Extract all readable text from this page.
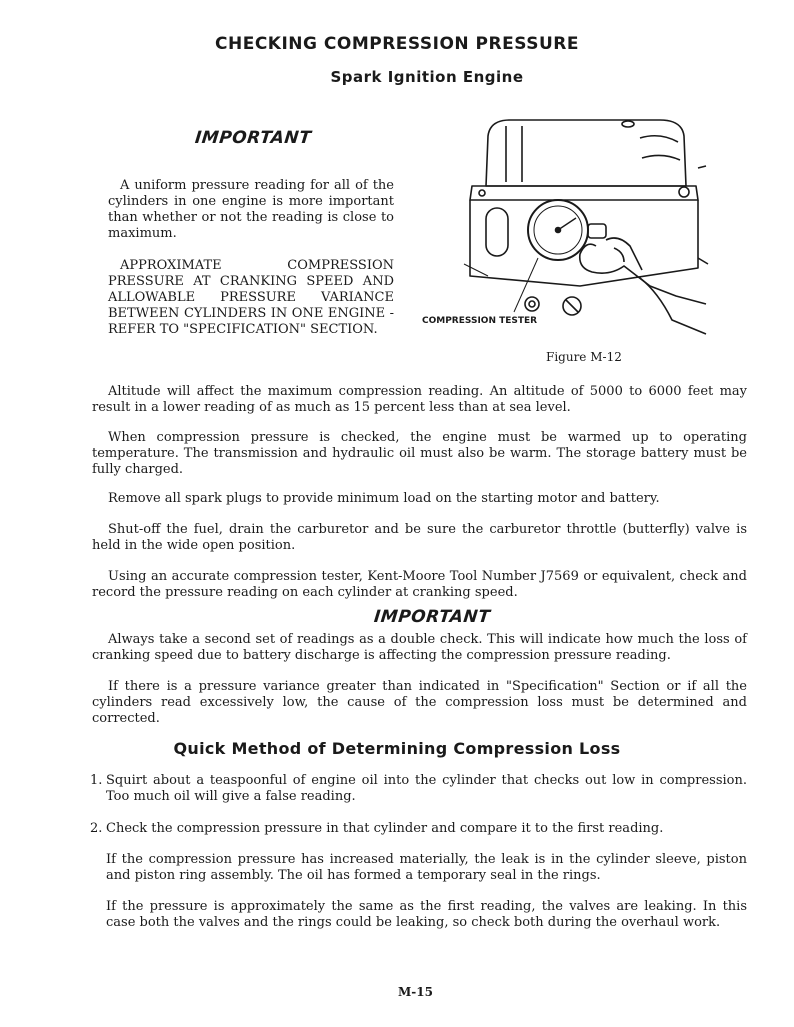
CHECKING COMPRESSION PRESSURE
Spark Ignition Engine
IMPORTANT
A uniform pressure reading for all of the cylinders in one engine is more important than whether or not the reading is close to maximum.
APPROXIMATE COMPRESSION PRESSURE AT CRANKING SPEED AND ALLOWABLE PRESSURE VARIANCE BETWEEN CYLINDERS IN ONE ENGINE - REFER TO "SPECIFICATION" SECTION.
COMPRESSION TESTER
Figure M-12
Altitude will affect the maximum compression reading. An altitude of 5000 to 6000 feet may result in a lower reading of as much as 15 percent less than at sea level.
When compression pressure is checked, the engine must be warmed up to operating temperature. The transmission and hydraulic oil must also be warm. The storage battery must be fully charged.
Remove all spark plugs to provide minimum load on the starting motor and battery.
Shut-off the fuel, drain the carburetor and be sure the carburetor throttle (butterfly) valve is held in the wide open position.
Using an accurate compression tester, Kent-Moore Tool Number J7569 or equivalent, check and record the pressure reading on each cylinder at cranking speed.
IMPORTANT
Always take a second set of readings as a double check. This will indicate how much the loss of cranking speed due to battery discharge is affecting the compression pressure reading.
If there is a pressure variance greater than indicated in "Specification" Section or if all the cylinders read excessively low, the cause of the compression loss must be determined and corrected.
Quick Method of Determining Compression Loss
1. Squirt about a teaspoonful of engine oil into the cylinder that checks out low in compression. Too much oil will give a false reading.
2. Check the compression pressure in that cylinder and compare it to the first reading.
If the compression pressure has increased materially, the leak is in the cylinder sleeve, piston and piston ring assembly. The oil has formed a temporary seal in the rings.
If the pressure is approximately the same as the first reading, the valves are leaking. In this case both the valves and the rings could be leaking, so check both during the overhaul work.
M-15
